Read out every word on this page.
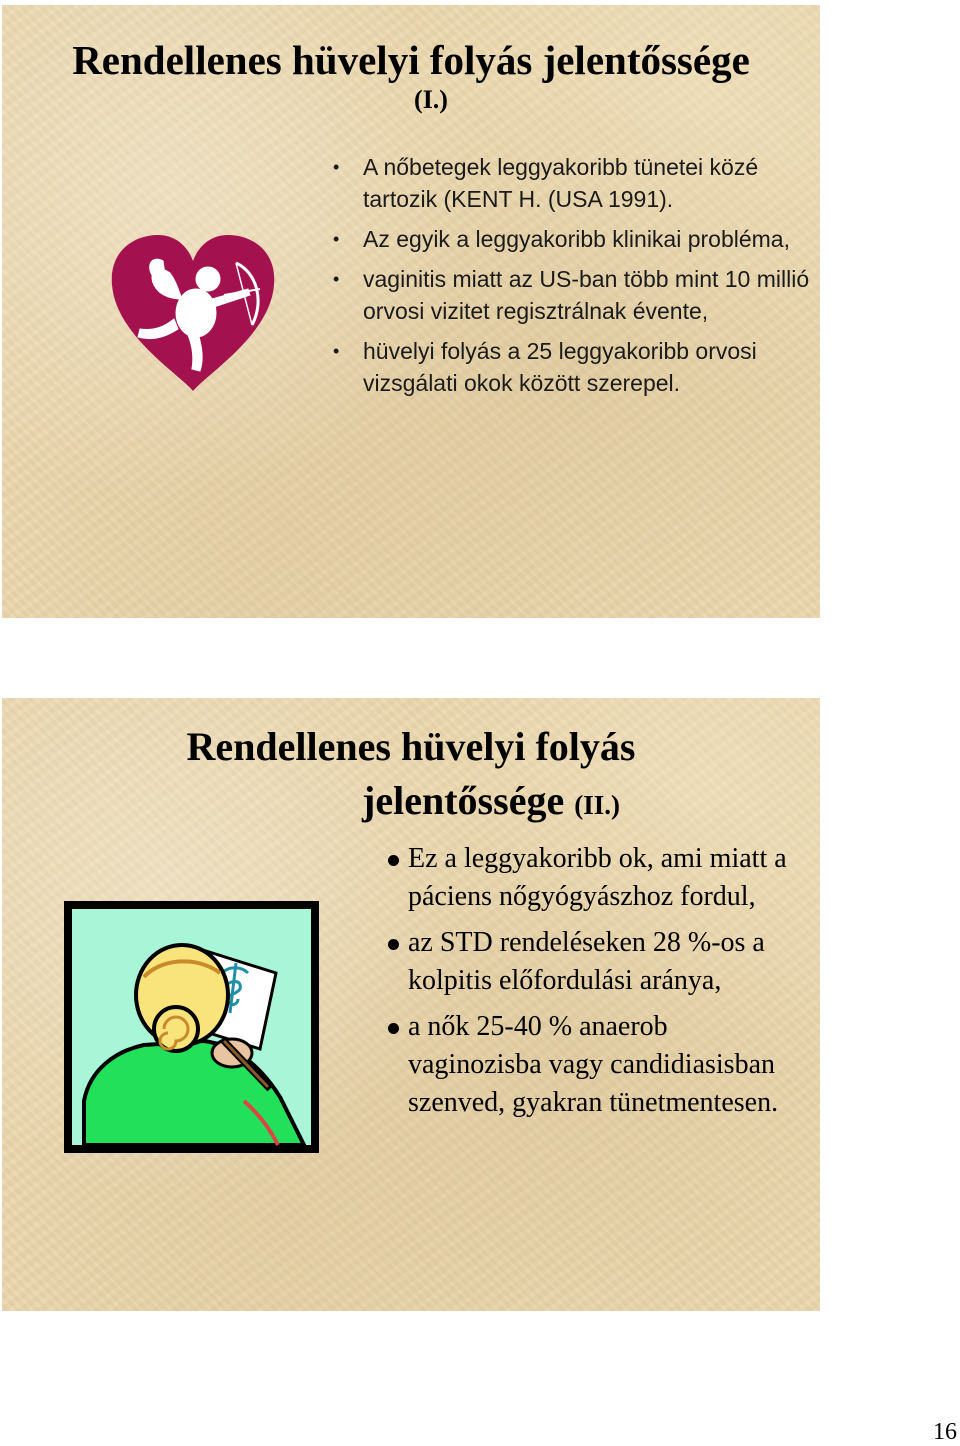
Rendellenes hüvelyi folyás jelentőssége
(I.)
• A nőbetegek leggyakoribb tünetei közé tartozik (KENT H. (USA 1991).
• Az egyik a leggyakoribb klinikai probléma,
• vaginitis miatt az US-ban több mint 10 millió orvosi vizitet regisztrálnak évente,
• hüvelyi folyás a 25 leggyakoribb orvosi vizsgálati okok között szerepel.
Rendellenes hüvelyi folyás
jelentőssége (II.)
Ez a leggyakoribb ok, ami miatt a páciens nőgyógyászhoz fordul,
az STD rendeléseken 28 %-os a kolpitis előfordulási aránya,
a nők 25-40 % anaerob vaginozisba vagy candidiasisban szenved, gyakran tünetmentesen.
16
